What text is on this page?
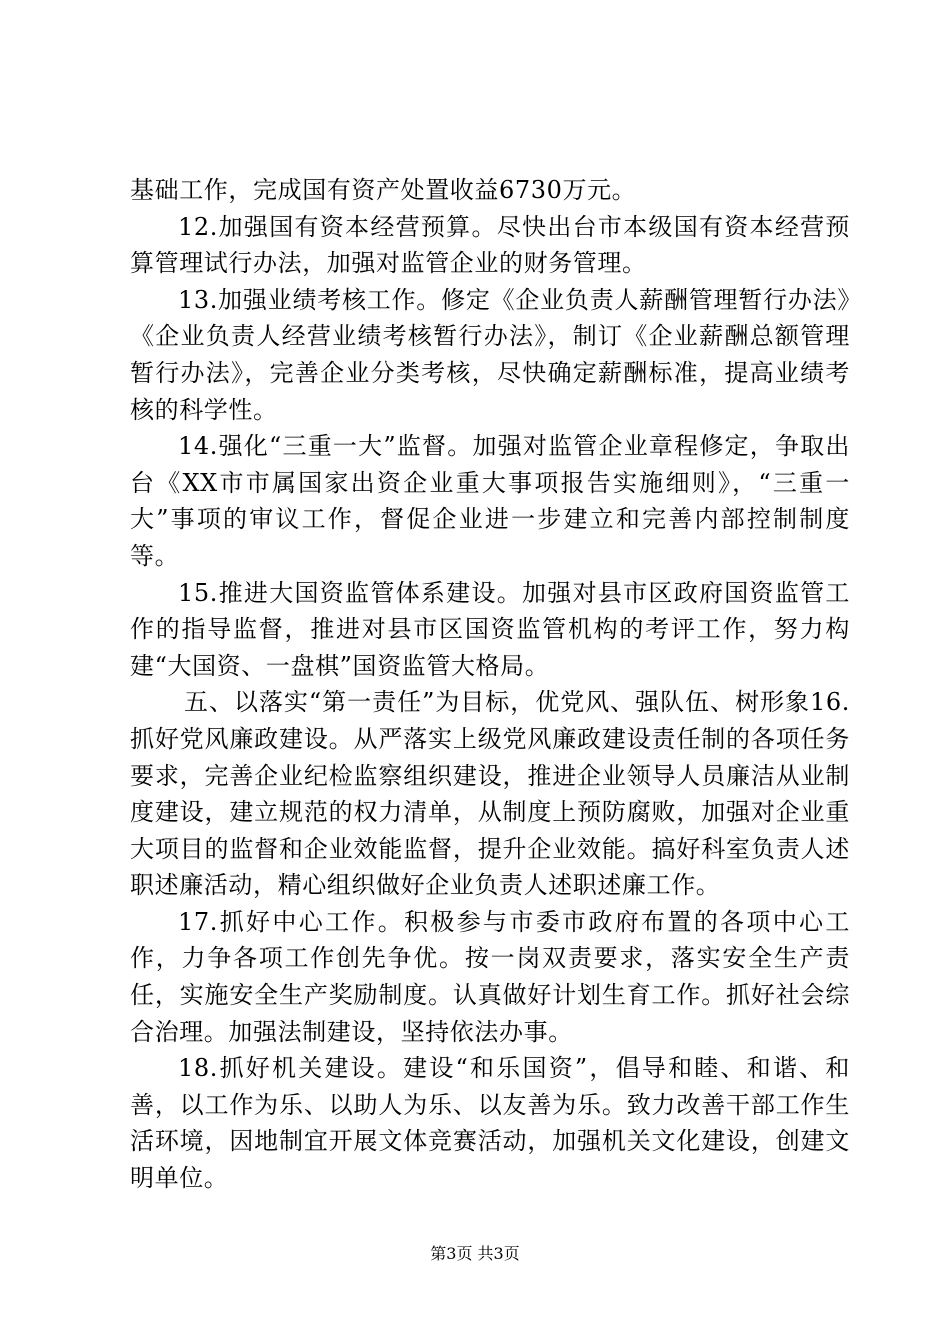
基础工作，完成国有资产处置收益6730万元。

12.加强国有资本经营预算。尽快出台市本级国有资本经营预算管理试行办法，加强对监管企业的财务管理。

13.加强业绩考核工作。修定《企业负责人薪酬管理暂行办法》《企业负责人经营业绩考核暂行办法》，制订《企业薪酬总额管理暂行办法》，完善企业分类考核，尽快确定薪酬标准，提高业绩考核的科学性。

14.强化“三重一大”监督。加强对监管企业章程修定，争取出台《XX市市属国家出资企业重大事项报告实施细则》，“三重一大”事项的审议工作，督促企业进一步建立和完善内部控制制度等。

15.推进大国资监管体系建设。加强对县市区政府国资监管工作的指导监督，推进对县市区国资监管机构的考评工作，努力构建“大国资、一盘棋”国资监管大格局。

五、以落实“第一责任”为目标，优党风、强队伍、树形象16.抓好党风廉政建设。从严落实上级党风廉政建设责任制的各项任务要求，完善企业纪检监察组织建设，推进企业领导人员廉洁从业制度建设，建立规范的权力清单，从制度上预防腐败，加强对企业重大项目的监督和企业效能监督，提升企业效能。搞好科室负责人述职述廉活动，精心组织做好企业负责人述职述廉工作。

17.抓好中心工作。积极参与市委市政府布置的各项中心工作，力争各项工作创先争优。按一岗双责要求，落实安全生产责任，实施安全生产奖励制度。认真做好计划生育工作。抓好社会综合治理。加强法制建设，坚持依法办事。

18.抓好机关建设。建设“和乐国资”，倡导和睦、和谐、和善，以工作为乐、以助人为乐、以友善为乐。致力改善干部工作生活环境，因地制宜开展文体竞赛活动，加强机关文化建设，创建文明单位。

第3页 共3页
